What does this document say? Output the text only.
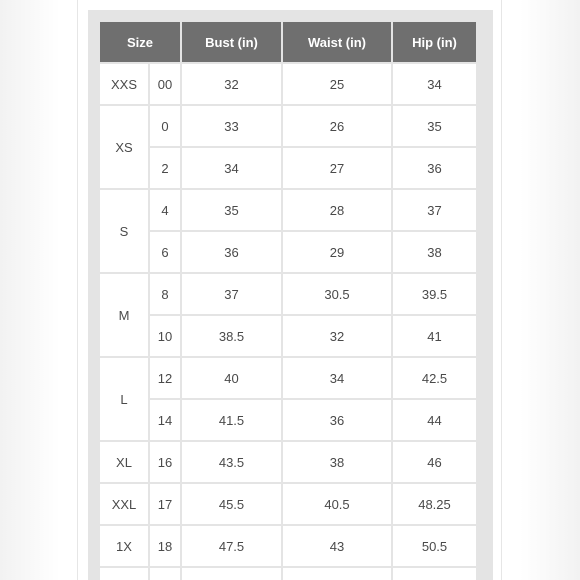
Size		Bust (in)	Waist (in)	Hip (in)
XXS	00	32	25	34
XS	0	33	26	35
	2	34	27	36
S	4	35	28	37
	6	36	29	38
M	8	37	30.5	39.5
	10	38.5	32	41
L	12	40	34	42.5
	14	41.5	36	44
XL	16	43.5	38	46
XXL	17	45.5	40.5	48.25
1X	18	47.5	43	50.5
